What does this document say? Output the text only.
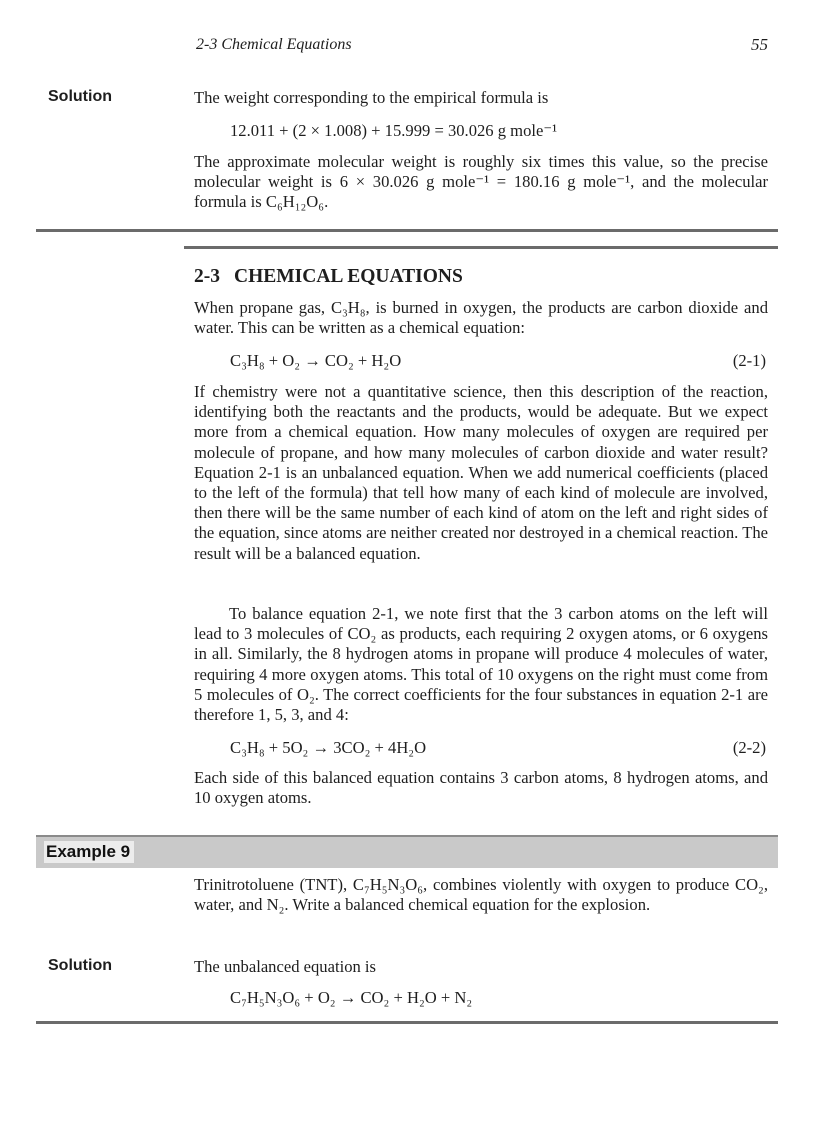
2-3 Chemical Equations	55
Solution	The weight corresponding to the empirical formula is
12.011 + (2 × 1.008) + 15.999 = 30.026 g mole⁻¹
The approximate molecular weight is roughly six times this value, so the precise molecular weight is 6 × 30.026 g mole⁻¹ = 180.16 g mole⁻¹, and the molecular formula is C₆H₁₂O₆.
2-3 CHEMICAL EQUATIONS
When propane gas, C₃H₈, is burned in oxygen, the products are carbon dioxide and water. This can be written as a chemical equation:
C₃H₈ + O₂ → CO₂ + H₂O	(2-1)
If chemistry were not a quantitative science, then this description of the reaction, identifying both the reactants and the products, would be adequate. But we expect more from a chemical equation. How many molecules of oxygen are required per molecule of propane, and how many molecules of carbon dioxide and water result? Equation 2-1 is an unbalanced equation. When we add numerical coefficients (placed to the left of the formula) that tell how many of each kind of molecule are involved, then there will be the same number of each kind of atom on the left and right sides of the equation, since atoms are neither created nor destroyed in a chemical reaction. The result will be a balanced equation.

To balance equation 2-1, we note first that the 3 carbon atoms on the left will lead to 3 molecules of CO₂ as products, each requiring 2 oxygen atoms, or 6 oxygens in all. Similarly, the 8 hydrogen atoms in propane will produce 4 molecules of water, requiring 4 more oxygen atoms. This total of 10 oxygens on the right must come from 5 molecules of O₂. The correct coefficients for the four substances in equation 2-1 are therefore 1, 5, 3, and 4:

C₃H₈ + 5O₂ → 3CO₂ + 4H₂O	(2-2)
Each side of this balanced equation contains 3 carbon atoms, 8 hydrogen atoms, and 10 oxygen atoms.
Example 9
Trinitrotoluene (TNT), C₇H₅N₃O₆, combines violently with oxygen to produce CO₂, water, and N₂. Write a balanced chemical equation for the explosion.
Solution	The unbalanced equation is
C₇H₅N₃O₆ + O₂ → CO₂ + H₂O + N₂
